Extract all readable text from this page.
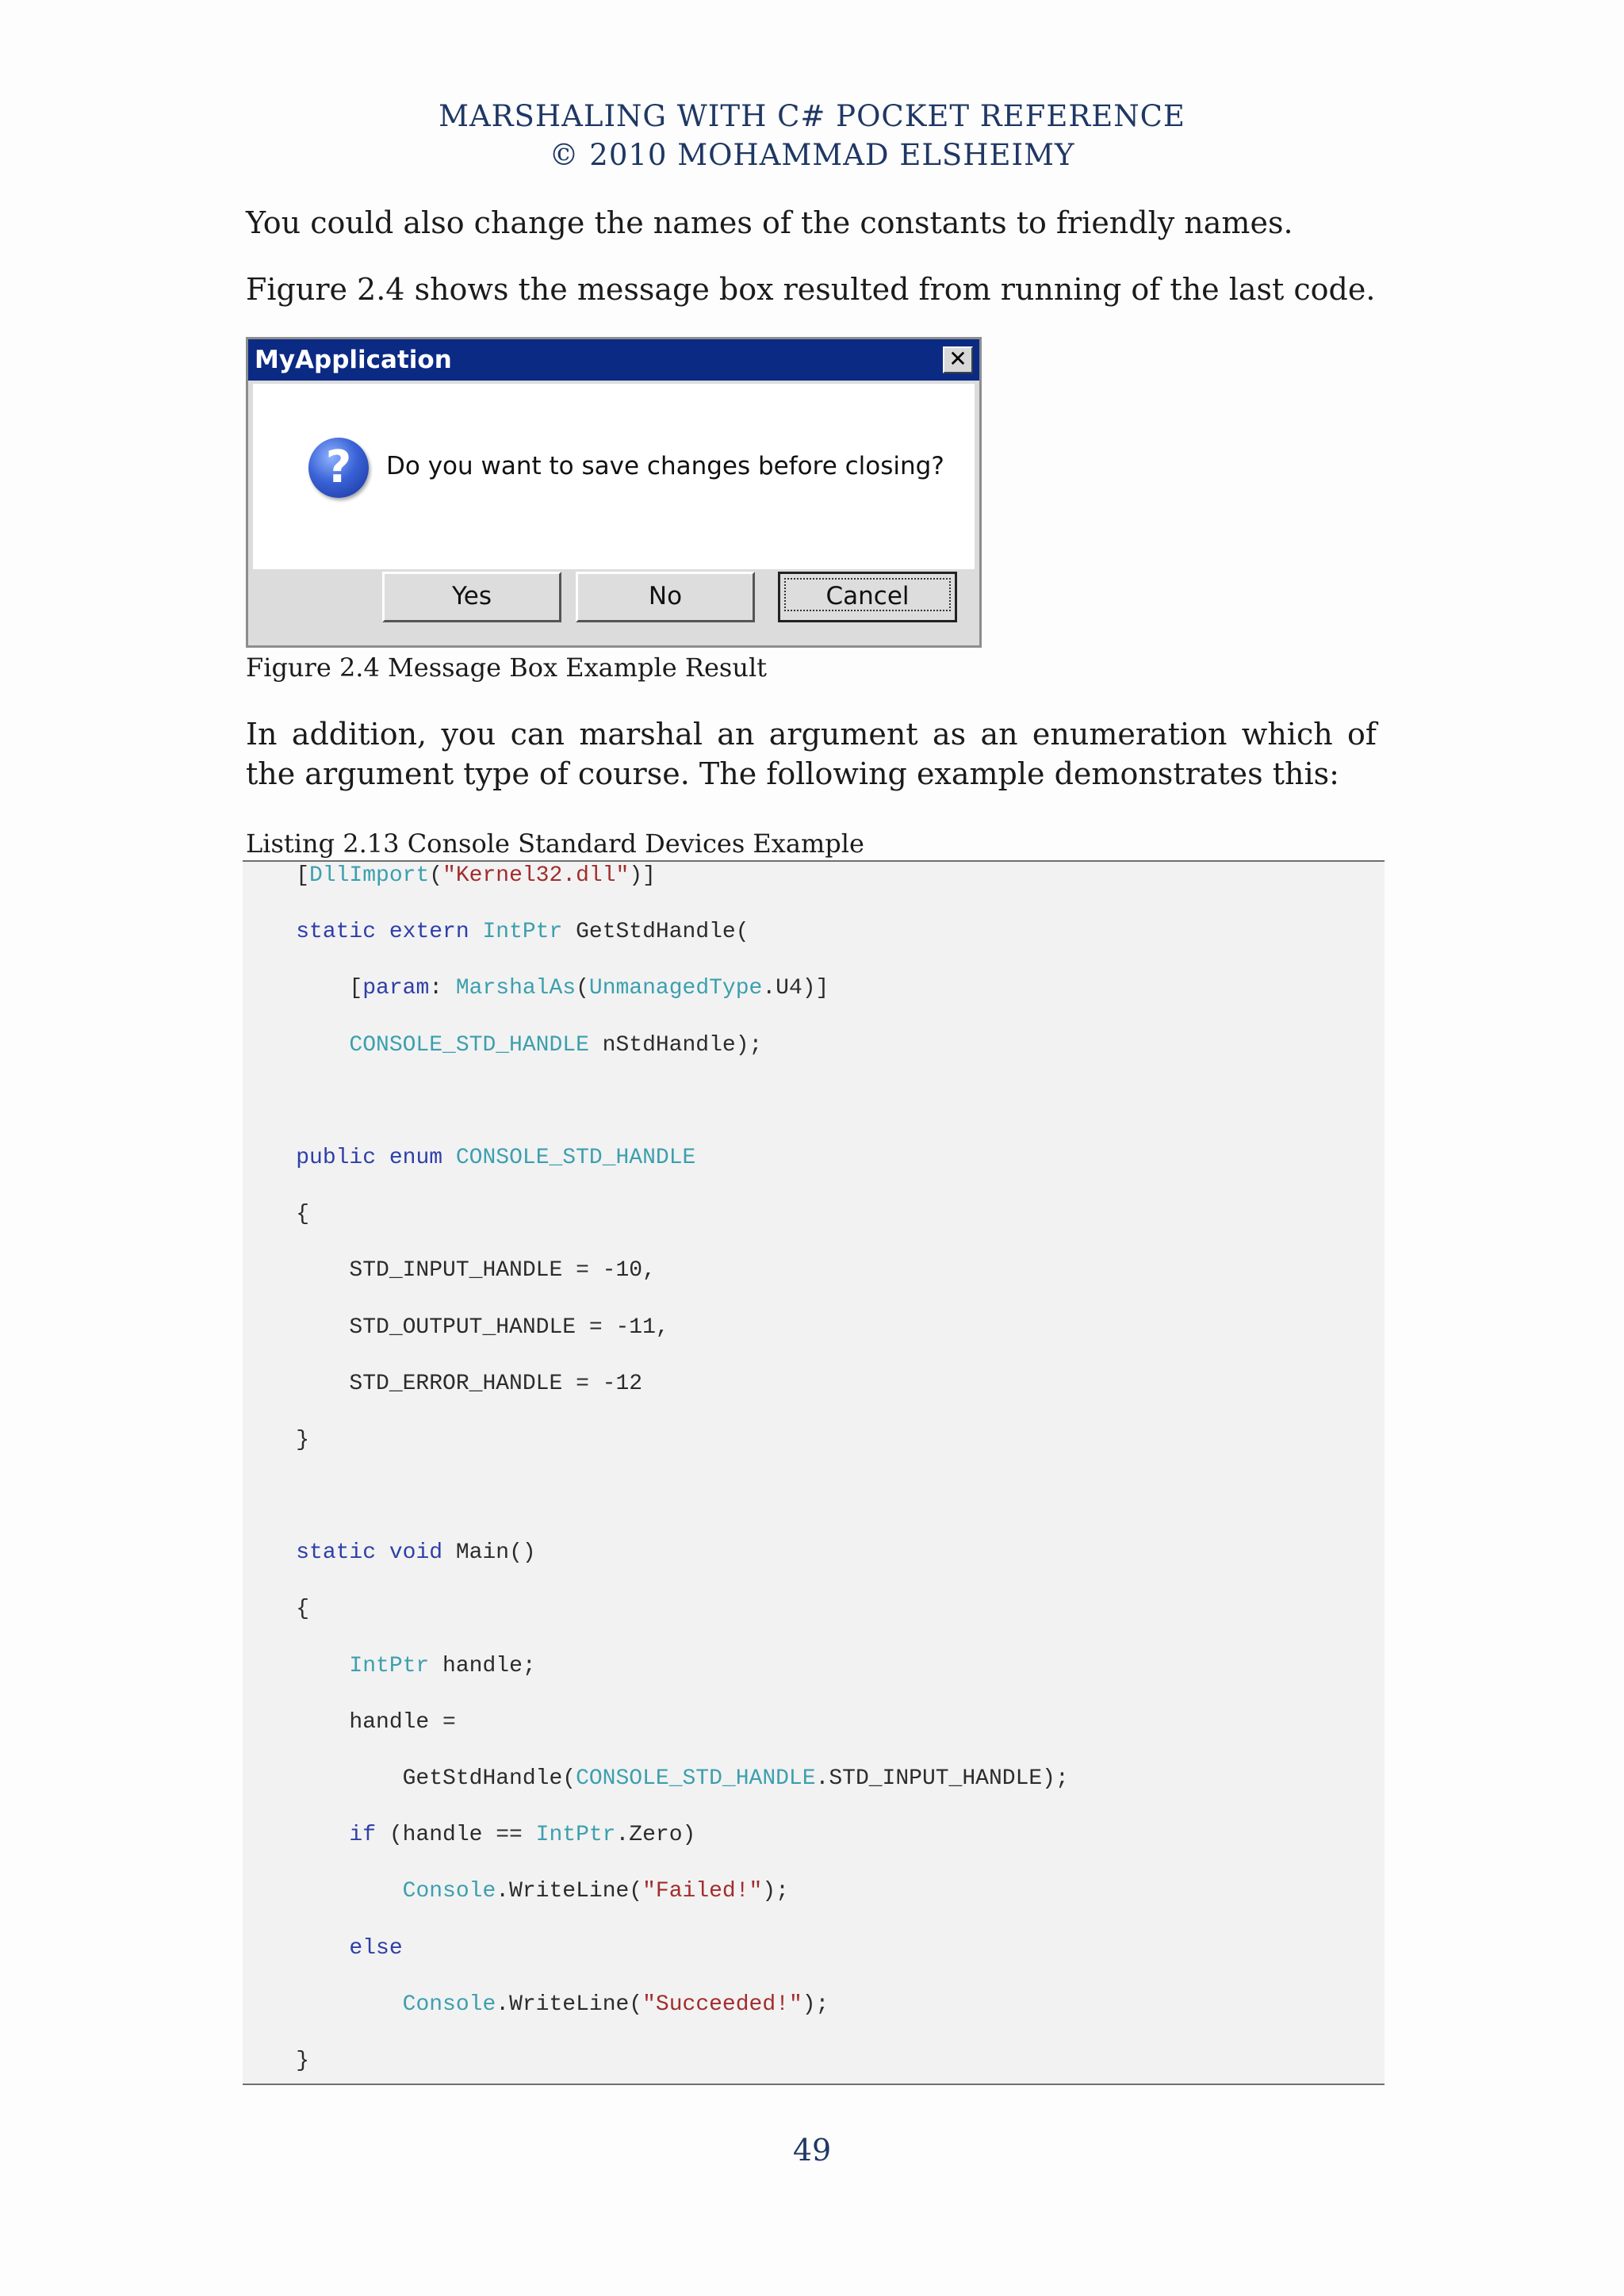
MARSHALING WITH C# POCKET REFERENCE
© 2010 MOHAMMAD ELSHEIMY
You could also change the names of the constants to friendly names.
Figure 2.4 shows the message box resulted from running of the last code.
MyApplication	✕
?	Do you want to save changes before closing?
Yes	No	Cancel
Figure 2.4 Message Box Example Result
In addition, you can marshal an argument as an enumeration which of the argument type of course. The following example demonstrates this:
Listing 2.13 Console Standard Devices Example
[DllImport("Kernel32.dll")]
static extern IntPtr GetStdHandle(
[param: MarshalAs(UnmanagedType.U4)]
CONSOLE_STD_HANDLE nStdHandle);
public enum CONSOLE_STD_HANDLE
{
STD_INPUT_HANDLE = -10,
STD_OUTPUT_HANDLE = -11,
STD_ERROR_HANDLE = -12
}
static void Main()
{
IntPtr handle;
handle =
GetStdHandle(CONSOLE_STD_HANDLE.STD_INPUT_HANDLE);
if (handle == IntPtr.Zero)
Console.WriteLine("Failed!");
else
Console.WriteLine("Succeeded!");
}
49
